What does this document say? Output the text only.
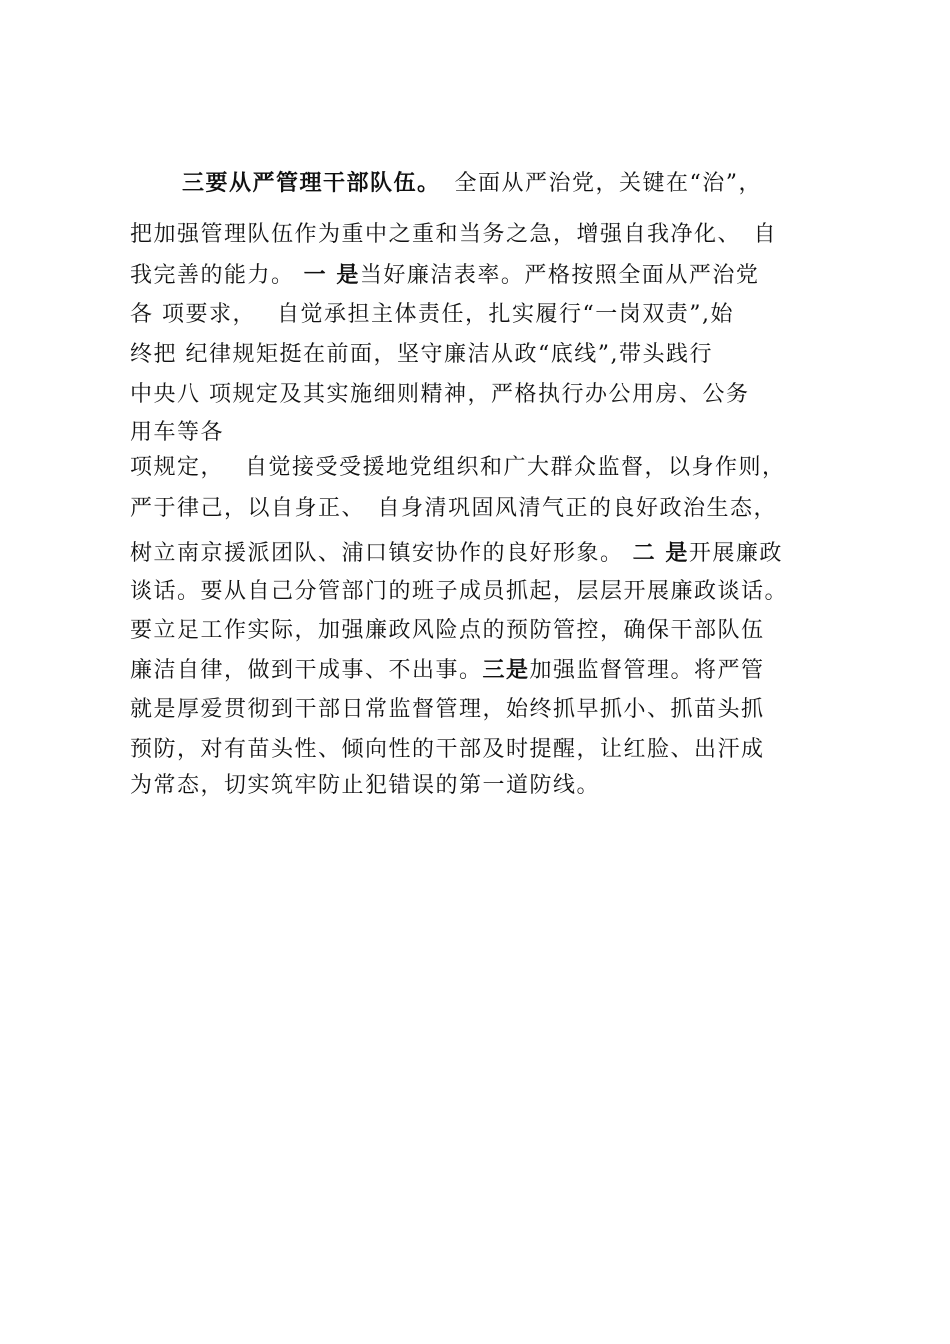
三要从严管理干部队伍。 全面从严治党，关键在“治”，
把加强管理队伍作为重中之重和当务之急，增强自我净化、　自
我完善的能力。 一 是当好廉洁表率。严格按照全面从严治党
各 项要求，　 自觉承担主体责任，扎实履行“一岗双责”,始
终把 纪律规矩挺在前面，坚守廉洁从政“底线”,带头践行
中央八 项规定及其实施细则精神，严格执行办公用房、公务
用车等各
项规定，　 自觉接受受援地党组织和广大群众监督，以身作则，
严于律己，以自身正、　自身清巩固风清气正的良好政治生态，
树立南京援派团队、浦口镇安协作的良好形象。 二 是开展廉政
谈话。要从自己分管部门的班子成员抓起，层层开展廉政谈话。
要立足工作实际，加强廉政风险点的预防管控，确保干部队伍
廉洁自律，做到干成事、不出事。三是加强监督管理。将严管
就是厚爱贯彻到干部日常监督管理，始终抓早抓小、抓苗头抓
预防，对有苗头性、倾向性的干部及时提醒，让红脸、出汗成
为常态，切实筑牢防止犯错误的第一道防线。
